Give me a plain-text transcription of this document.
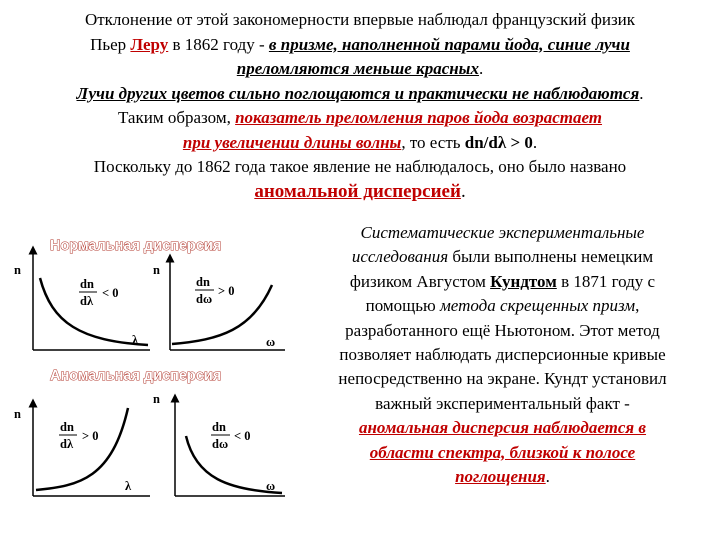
Отклонение от этой закономерности впервые наблюдал французский физик
Пьер Леру в 1862 году - в призме, наполненной парами йода, синие лучи
преломляются меньше красных.
Лучи других цветов сильно поглощаются и практически не наблюдаются.
Таким образом, показатель преломления паров йода возрастает
при увеличении длины волны, то есть dn/dλ > 0.
Поскольку до 1862 года такое явление не наблюдалось, оно было названо
аномальной дисперсией.
Нормальная дисперсия
Аномальная дисперсия
n
λ
dn
dλ
< 0
n
ω
dn
dω
> 0
n
λ
dn
dλ
> 0
n
ω
dn
dω
< 0
Систематические экспериментальные
исследования были выполнены немецким
физиком Августом Кундтом в 1871 году с
помощью метода скрещенных призм,
разработанного ещё Ньютоном. Этот метод
позволяет наблюдать дисперсионные кривые
непосредственно на экране. Кундт установил
важный экспериментальный факт -
аномальная дисперсия наблюдается в
области спектра, близкой к полосе
поглощения.
